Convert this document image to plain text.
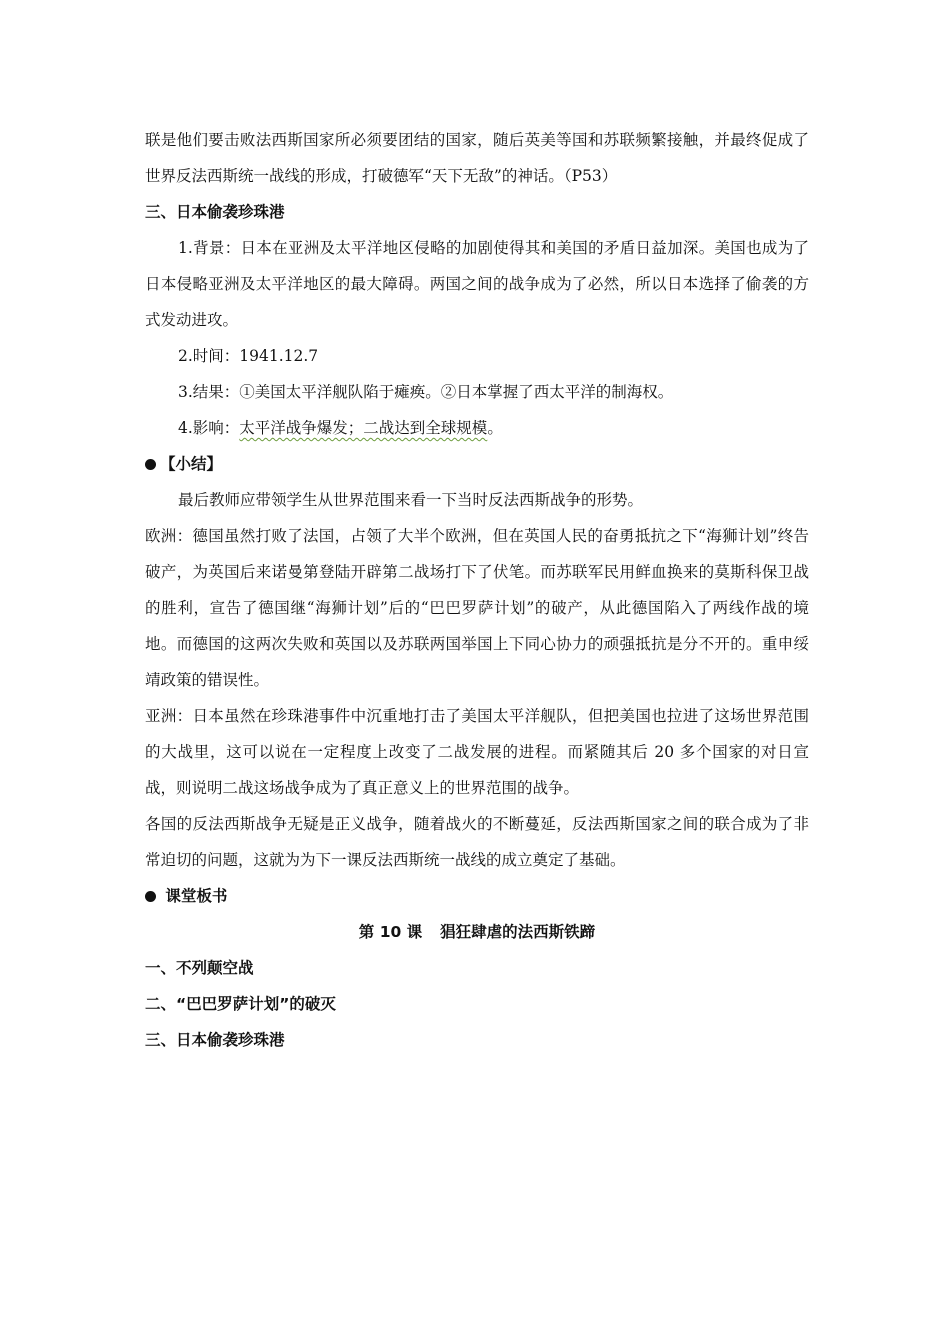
联是他们要击败法西斯国家所必须要团结的国家，随后英美等国和苏联频繁接触，并最终促成了世界反法西斯统一战线的形成，打破德军“天下无敌”的神话。（P53）

三、日本偷袭珍珠港

1.背景：日本在亚洲及太平洋地区侵略的加剧使得其和美国的矛盾日益加深。美国也成为了日本侵略亚洲及太平洋地区的最大障碍。两国之间的战争成为了必然，所以日本选择了偷袭的方式发动进攻。

2.时间：1941.12.7

3.结果：①美国太平洋舰队陷于瘫痪。②日本掌握了西太平洋的制海权。

4.影响：太平洋战争爆发；二战达到全球规模。

【小结】

最后教师应带领学生从世界范围来看一下当时反法西斯战争的形势。

欧洲：德国虽然打败了法国，占领了大半个欧洲，但在英国人民的奋勇抵抗之下“海狮计划”终告破产，为英国后来诺曼第登陆开辟第二战场打下了伏笔。而苏联军民用鲜血换来的莫斯科保卫战的胜利，宣告了德国继“海狮计划”后的“巴巴罗萨计划”的破产，从此德国陷入了两线作战的境地。而德国的这两次失败和英国以及苏联两国举国上下同心协力的顽强抵抗是分不开的。重申绥靖政策的错误性。

亚洲：日本虽然在珍珠港事件中沉重地打击了美国太平洋舰队，但把美国也拉进了这场世界范围的大战里，这可以说在一定程度上改变了二战发展的进程。而紧随其后 20 多个国家的对日宣战，则说明二战这场战争成为了真正意义上的世界范围的战争。

各国的反法西斯战争无疑是正义战争，随着战火的不断蔓延，反法西斯国家之间的联合成为了非常迫切的问题，这就为为下一课反法西斯统一战线的成立奠定了基础。

课堂板书

第 10 课 猖狂肆虐的法西斯铁蹄

一、不列颠空战

二、“巴巴罗萨计划”的破灭

三、日本偷袭珍珠港
